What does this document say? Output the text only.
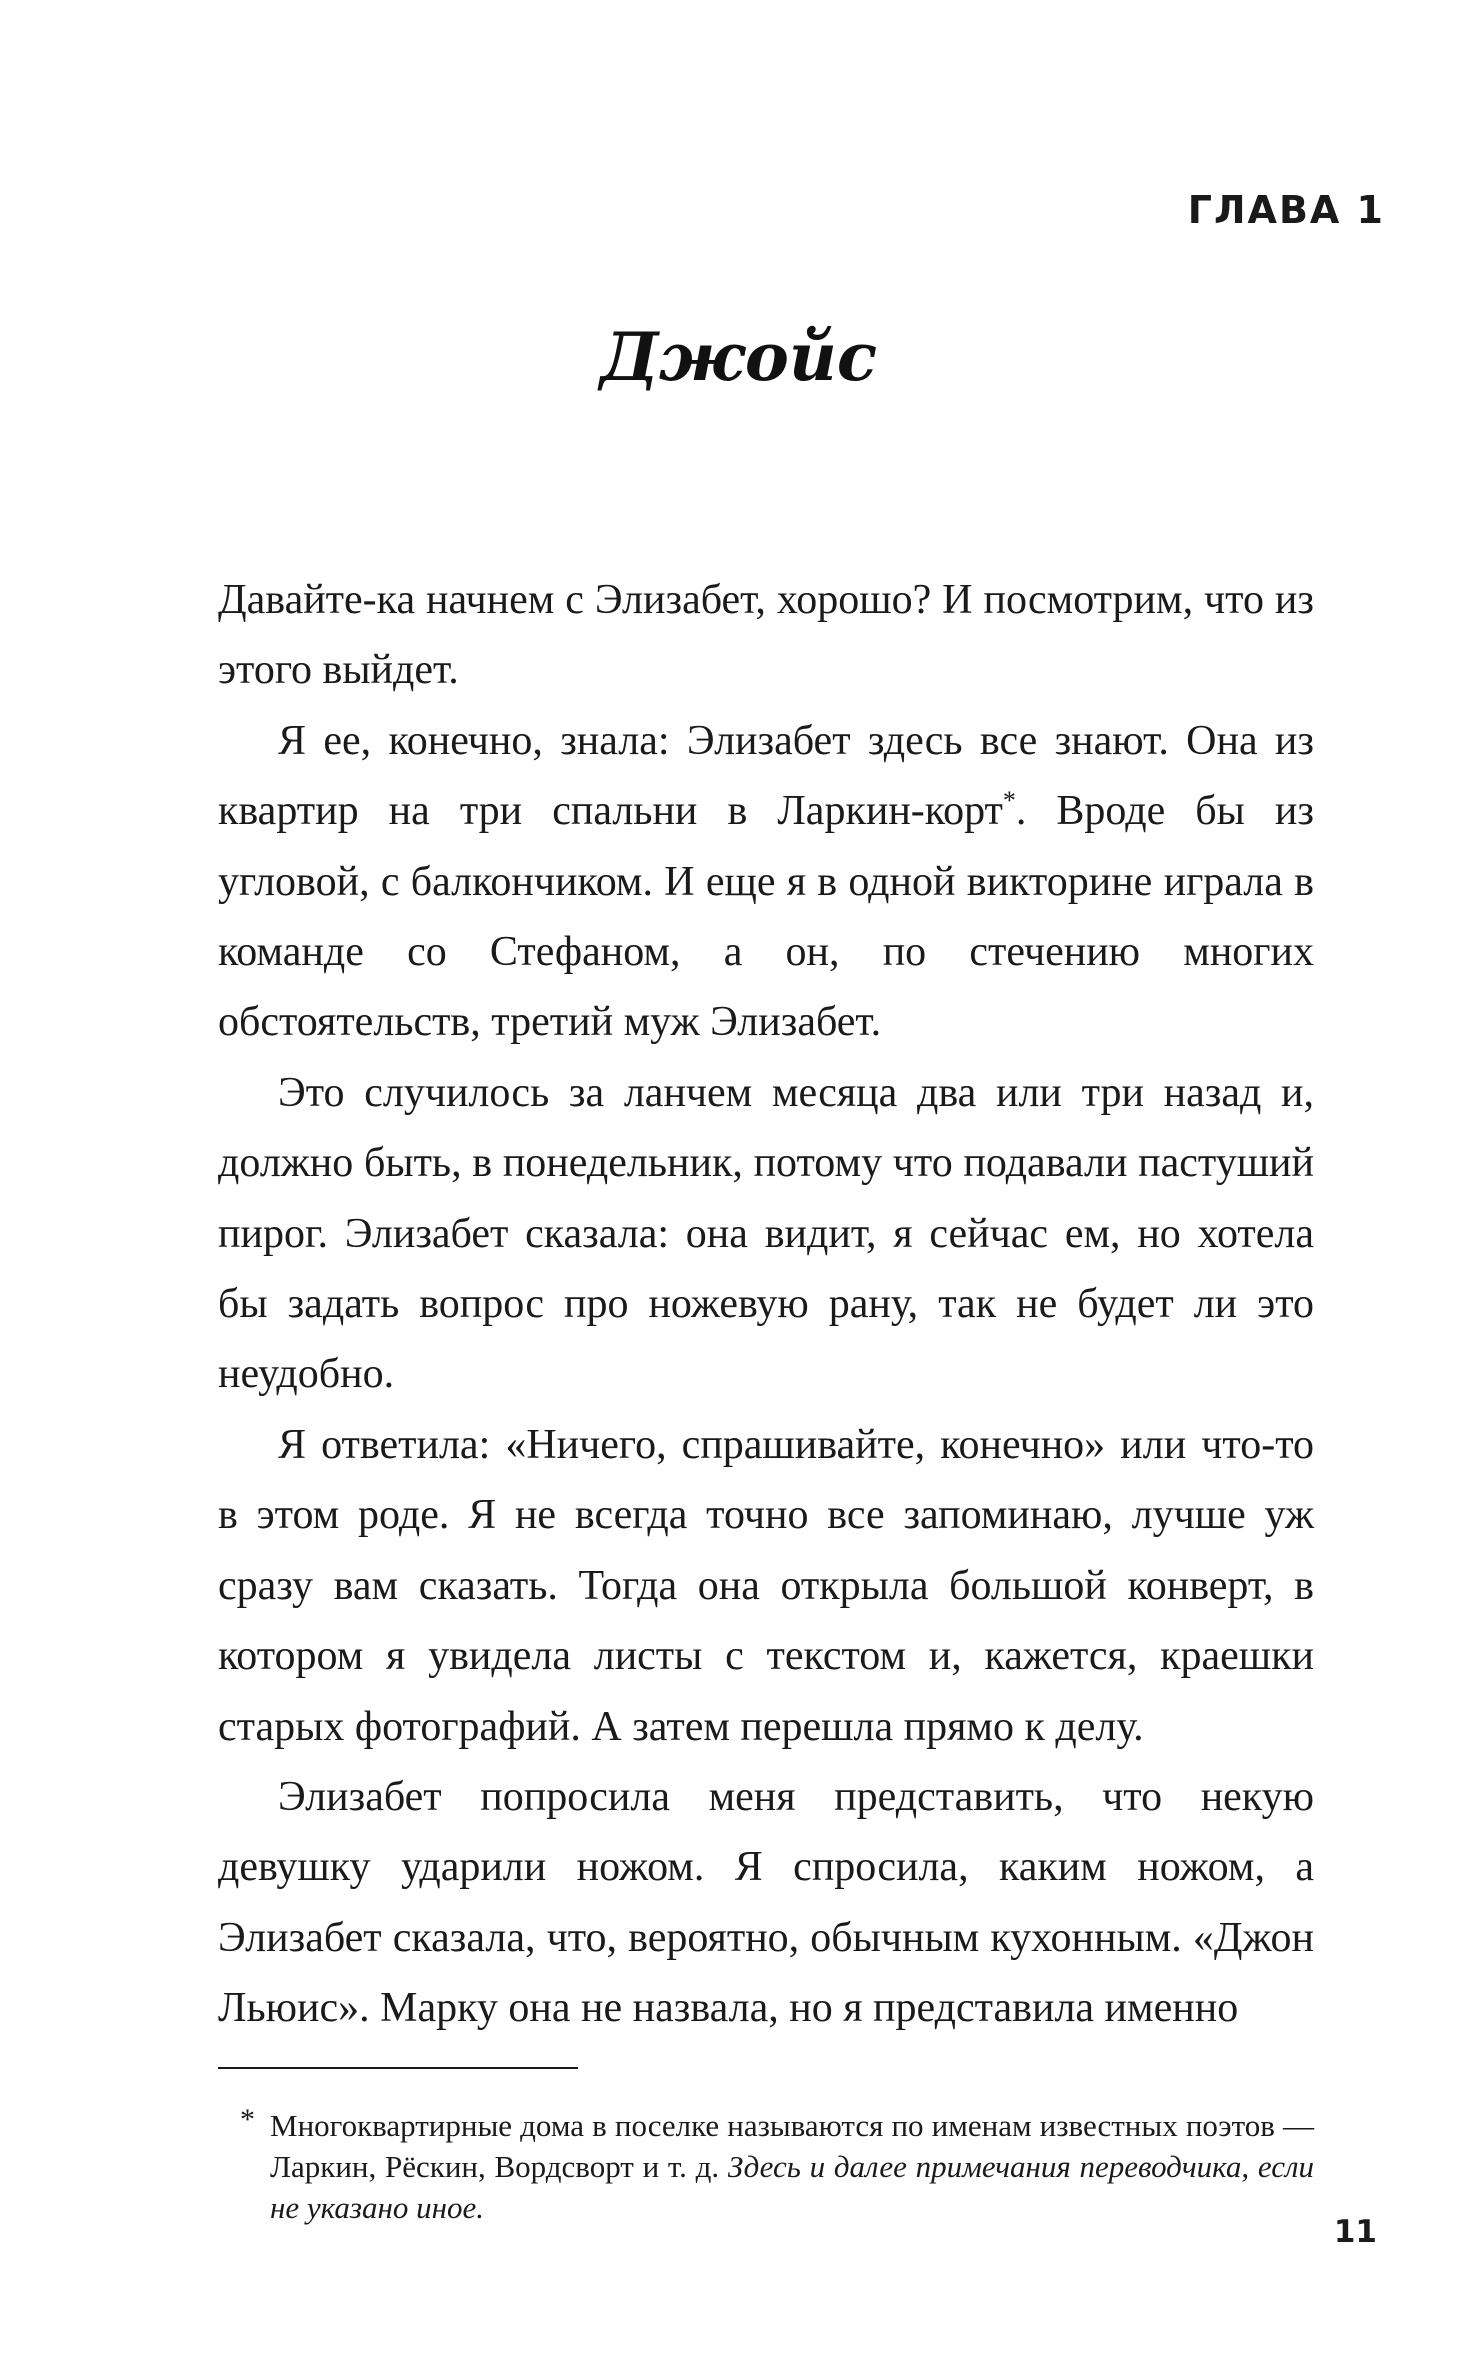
ГЛАВА 1
Джойс

Давайте-ка начнем с Элизабет, хорошо? И посмотрим, что из этого выйдет.

Я ее, конечно, знала: Элизабет здесь все знают. Она из квартир на три спальни в Ларкин-корт*. Вроде бы из угловой, с балкончиком. И еще я в одной викторине играла в команде со Стефаном, а он, по стечению многих обстоятельств, третий муж Элизабет.

Это случилось за ланчем месяца два или три назад и, должно быть, в понедельник, потому что подавали пастуший пирог. Элизабет сказала: она видит, я сейчас ем, но хотела бы задать вопрос про ножевую рану, так не будет ли это неудобно.

Я ответила: «Ничего, спрашивайте, конечно» или что-то в этом роде. Я не всегда точно все запоминаю, лучше уж сразу вам сказать. Тогда она открыла большой конверт, в котором я увидела листы с текстом и, кажется, краешки старых фотографий. А затем перешла прямо к делу.

Элизабет попросила меня представить, что некую девушку ударили ножом. Я спросила, каким ножом, а Элизабет сказала, что, вероятно, обычным кухонным. «Джон Льюис». Марку она не назвала, но я представила именно

* Многоквартирные дома в поселке называются по именам известных поэтов — Ларкин, Рёскин, Вордсворт и т. д. Здесь и далее примечания переводчика, если не указано иное.
11
